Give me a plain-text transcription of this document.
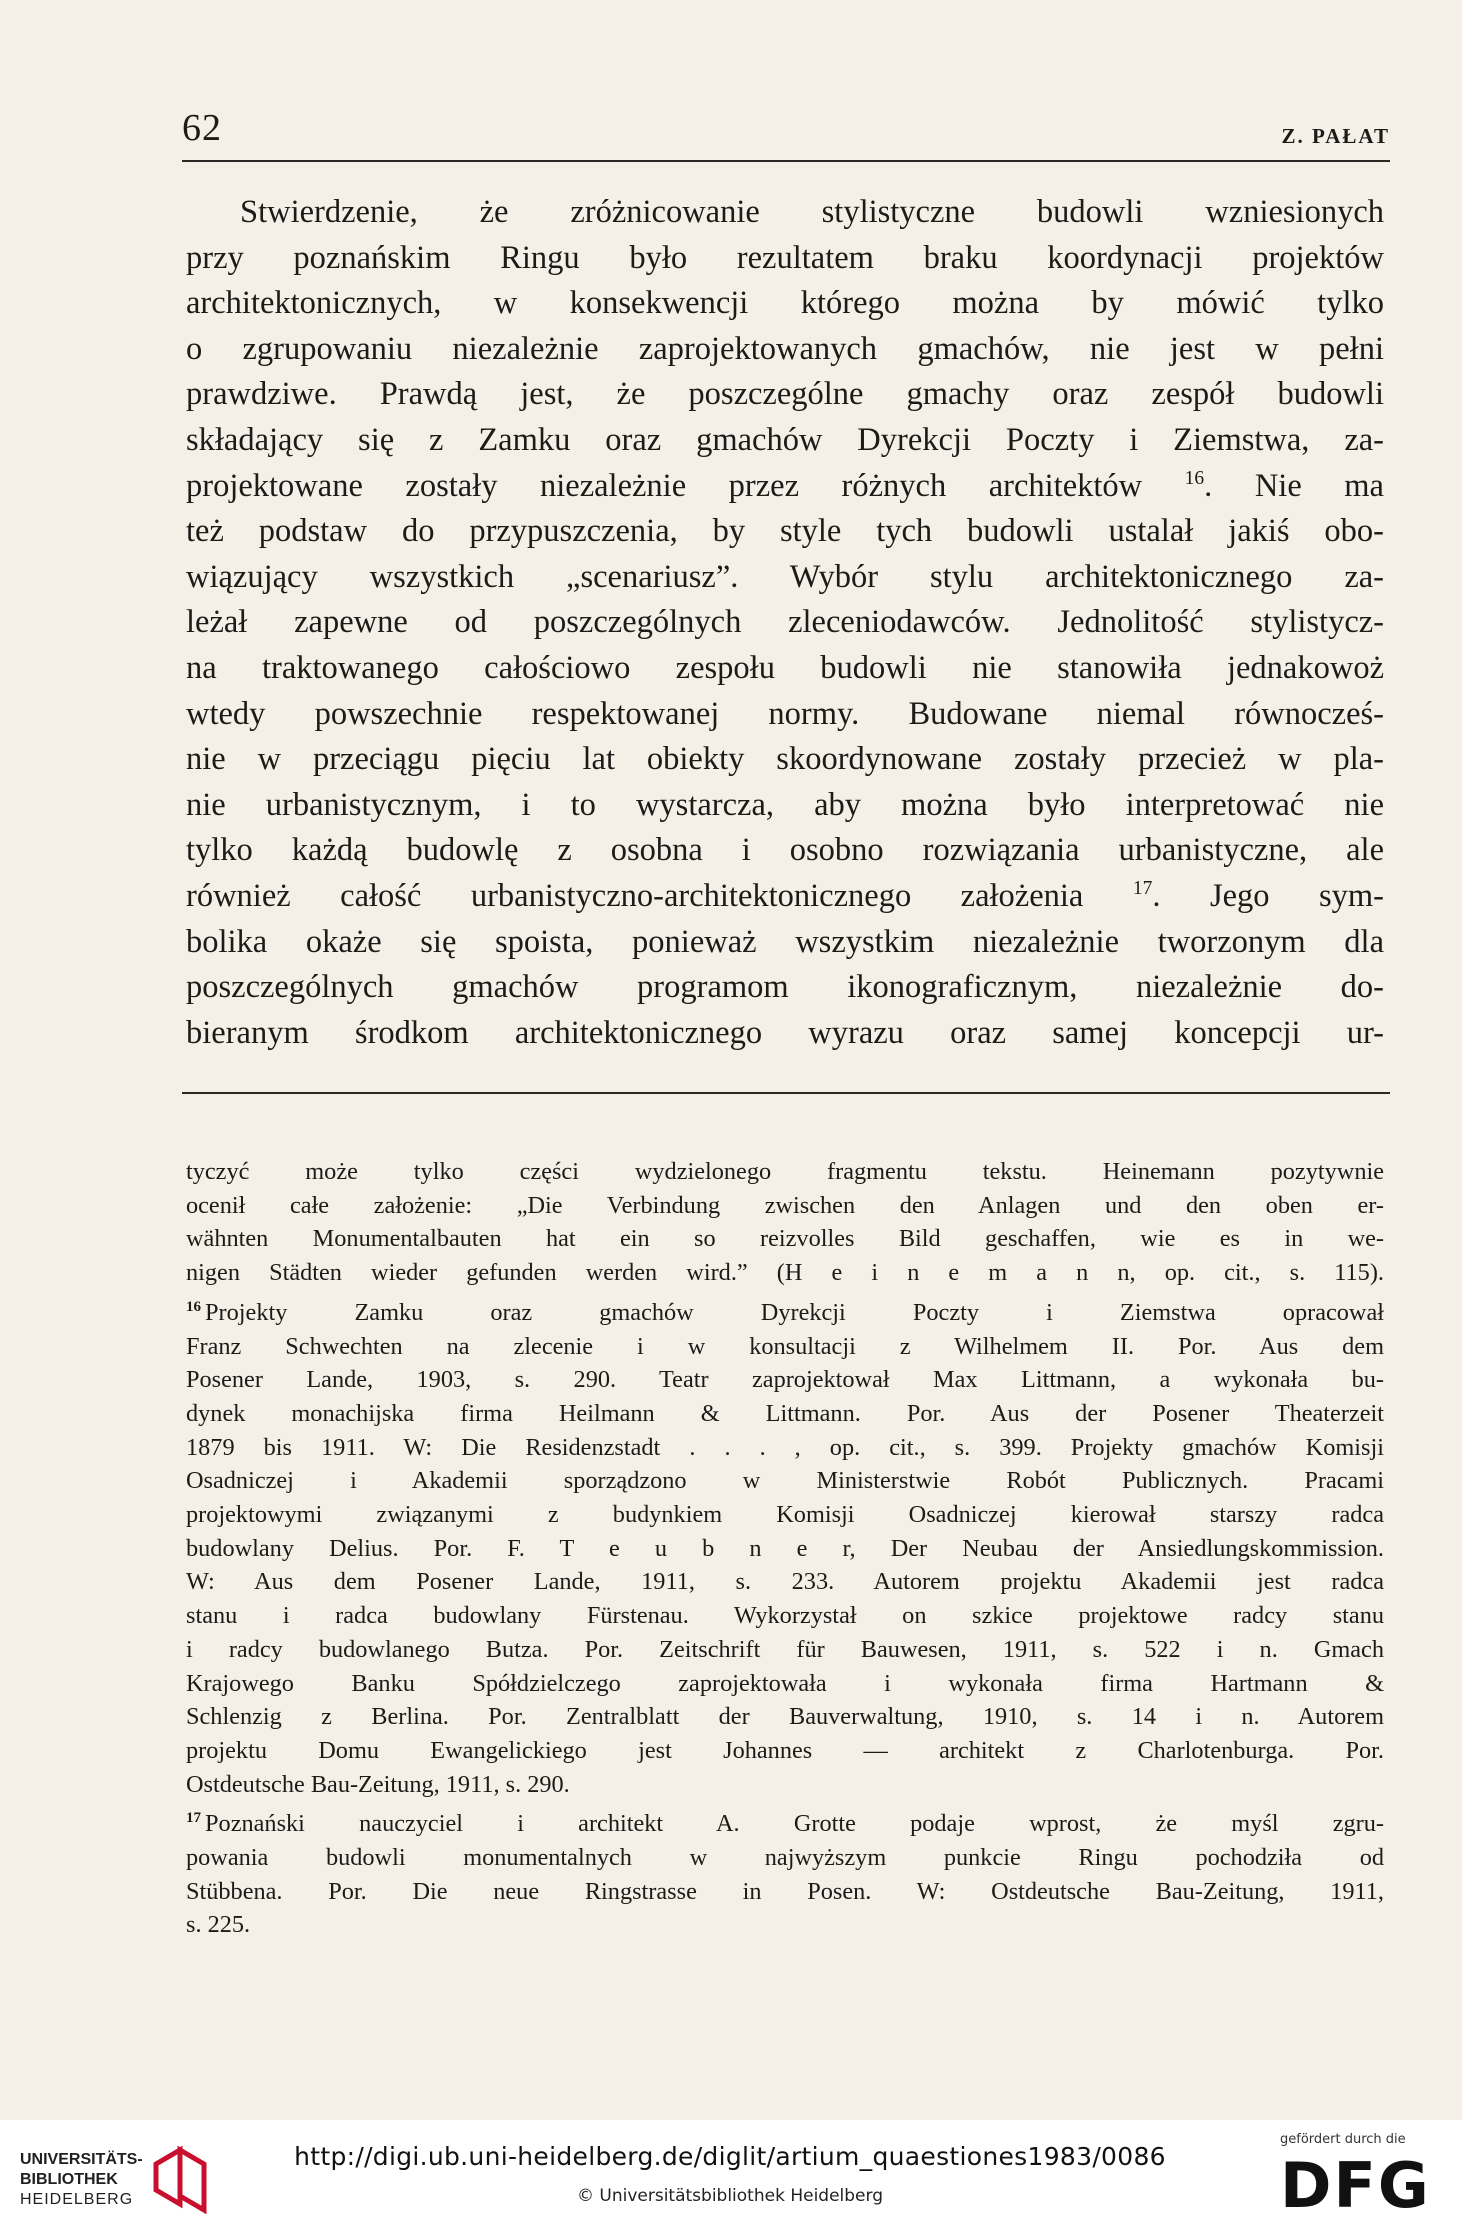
62	Z. PAŁAT
Stwierdzenie, że zróżnicowanie stylistyczne budowli wzniesionych
przy poznańskim Ringu było rezultatem braku koordynacji projektów
architektonicznych, w konsekwencji którego można by mówić tylko
o zgrupowaniu niezależnie zaprojektowanych gmachów, nie jest w pełni
prawdziwe. Prawdą jest, że poszczególne gmachy oraz zespół budowli
składający się z Zamku oraz gmachów Dyrekcji Poczty i Ziemstwa, za-
projektowane zostały niezależnie przez różnych architektów $^{16}$. Nie ma
też podstaw do przypuszczenia, by style tych budowli ustalał jakiś obo-
wiązujący wszystkich „scenariusz”. Wybór stylu architektonicznego za-
leżał zapewne od poszczególnych zleceniodawców. Jednolitość stylistycz-
na traktowanego całościowo zespołu budowli nie stanowiła jednakowoż
wtedy powszechnie respektowanej normy. Budowane niemal równocześ-
nie w przeciągu pięciu lat obiekty skoordynowane zostały przecież w pla-
nie urbanistycznym, i to wystarcza, aby można było interpretować nie
tylko każdą budowlę z osobna i osobno rozwiązania urbanistyczne, ale
również całość urbanistyczno-architektonicznego założenia	$^{17}$. Jego sym-
bolika okaże się spoista, ponieważ wszystkim niezależnie tworzonym dla
poszczególnych gmachów programom ikonograficznym, niezależnie do-
bieranym środkom architektonicznego wyrazu oraz samej koncepcji ur-
tyczyć może tylko części wydzielonego fragmentu tekstu. Heinemann pozytywnie
ocenił całe założenie: „Die Verbindung zwischen den Anlagen und den oben er-
wähnten Monumentalbauten hat ein so reizvolles Bild geschaffen, wie es in we-
nigen Städten wieder gefunden werden wird.” (H e i n e m a n n, op. cit., s. 115).
$^{16}$ Projekty Zamku oraz gmachów Dyrekcji Poczty i Ziemstwa opracował
Franz Schwechten na zlecenie i w konsultacji z Wilhelmem II. Por. Aus dem
Posener Lande, 1903, s. 290. Teatr zaprojektował Max Littmann, a wykonała bu-
dynek monachijska firma Heilmann & Littmann. Por. Aus der Posener Theaterzeit
1879 bis 1911. W: Die Residenzstadt . . . , op. cit., s. 399. Projekty gmachów Komisji
Osadniczej i Akademii sporządzono w Ministerstwie Robót Publicznych. Pracami
projektowymi związanymi z budynkiem Komisji Osadniczej kierował starszy radca
budowlany Delius. Por. F. T e u b n e r, Der Neubau der Ansiedlungskommission.
W: Aus dem Posener Lande, 1911, s. 233. Autorem projektu Akademii jest radca
stanu i radca budowlany Fürstenau. Wykorzystał on szkice projektowe radcy stanu
i radcy budowlanego Butza. Por. Zeitschrift für Bauwesen, 1911, s. 522 i n. Gmach
Krajowego Banku Spółdzielczego zaprojektowała i wykonała firma Hartmann &
Schlenzig z Berlina. Por. Zentralblatt der Bauverwaltung, 1910, s. 14 i n. Autorem
projektu Domu Ewangelickiego jest Johannes — architekt z Charlotenburga. Por.
Ostdeutsche Bau-Zeitung, 1911, s. 290.
$^{17}$ Poznański nauczyciel i architekt A. Grotte podaje wprost, że myśl zgru-
powania budowli monumentalnych w najwyższym punkcie Ringu pochodziła od
Stübbena. Por. Die neue Ringstrasse in Posen. W: Ostdeutsche Bau-Zeitung, 1911,
s. 225.
UNIVERSITÄTS-
BIBLIOTHEK
HEIDELBERG
http://digi.ub.uni-heidelberg.de/diglit/artium_quaestiones1983/0086
© Universitätsbibliothek Heidelberg
gefördert durch die
DFG
